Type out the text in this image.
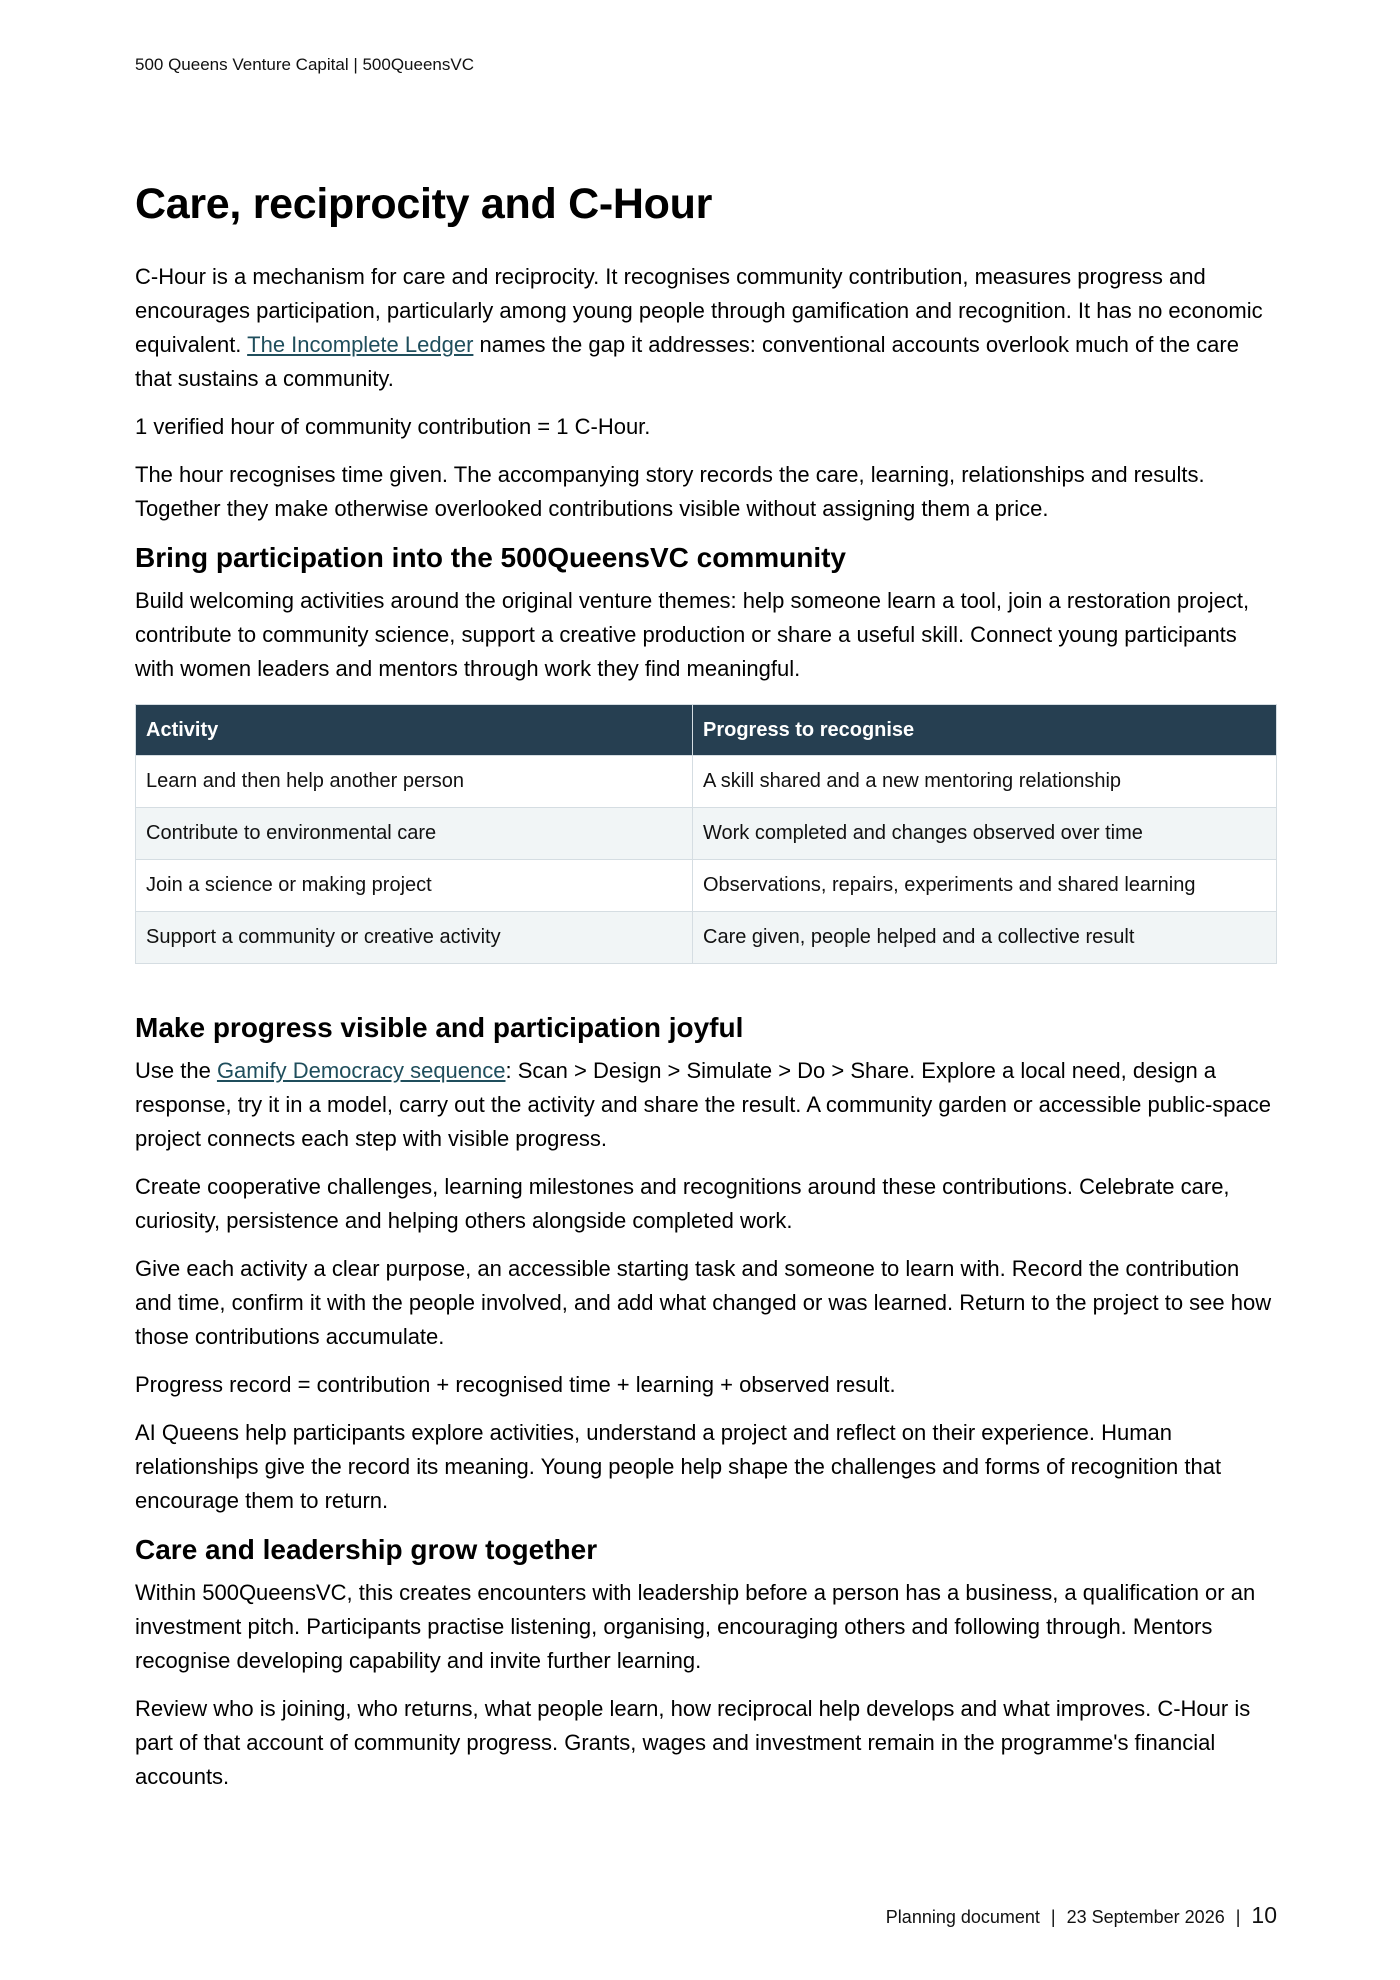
500 Queens Venture Capital | 500QueensVC
Care, reciprocity and C-Hour

C-Hour is a mechanism for care and reciprocity. It recognises community contribution, measures progress and encourages participation, particularly among young people through gamification and recognition. It has no economic equivalent. The Incomplete Ledger names the gap it addresses: conventional accounts overlook much of the care that sustains a community.

1 verified hour of community contribution = 1 C-Hour.

The hour recognises time given. The accompanying story records the care, learning, relationships and results. Together they make otherwise overlooked contributions visible without assigning them a price.

Bring participation into the 500QueensVC community

Build welcoming activities around the original venture themes: help someone learn a tool, join a restoration project, contribute to community science, support a creative production or share a useful skill. Connect young participants with women leaders and mentors through work they find meaningful.

Activity	Progress to recognise
Learn and then help another person	A skill shared and a new mentoring relationship
Contribute to environmental care	Work completed and changes observed over time
Join a science or making project	Observations, repairs, experiments and shared learning
Support a community or creative activity	Care given, people helped and a collective result
Make progress visible and participation joyful

Use the Gamify Democracy sequence: Scan > Design > Simulate > Do > Share. Explore a local need, design a response, try it in a model, carry out the activity and share the result. A community garden or accessible public-space project connects each step with visible progress.

Create cooperative challenges, learning milestones and recognitions around these contributions. Celebrate care, curiosity, persistence and helping others alongside completed work.

Give each activity a clear purpose, an accessible starting task and someone to learn with. Record the contribution and time, confirm it with the people involved, and add what changed or was learned. Return to the project to see how those contributions accumulate.

Progress record = contribution + recognised time + learning + observed result.

AI Queens help participants explore activities, understand a project and reflect on their experience. Human relationships give the record its meaning. Young people help shape the challenges and forms of recognition that encourage them to return.

Care and leadership grow together

Within 500QueensVC, this creates encounters with leadership before a person has a business, a qualification or an investment pitch. Participants practise listening, organising, encouraging others and following through. Mentors recognise developing capability and invite further learning.

Review who is joining, who returns, what people learn, how reciprocal help develops and what improves. C-Hour is part of that account of community progress. Grants, wages and investment remain in the programme's financial accounts.

Planning document | 23 September 2026 | 10
